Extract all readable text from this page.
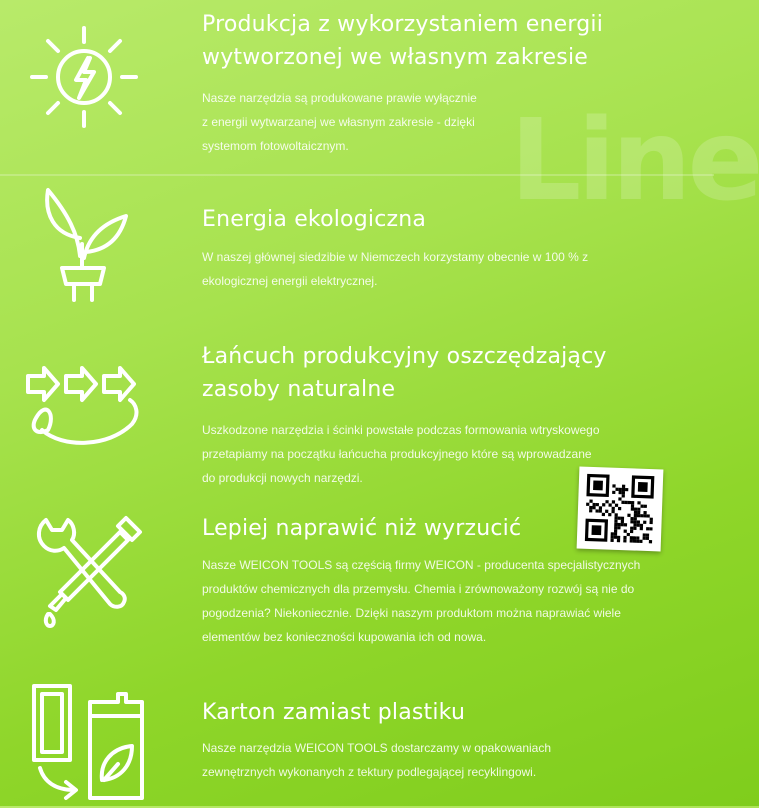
Line
Produkcja z wykorzystaniem energii
wytworzonej we własnym zakresie

Nasze narzędzia są produkowane prawie wyłącznie
z energii wytwarzanej we własnym zakresie - dzięki
systemom fotowoltaicznym.

Energia ekologiczna

W naszej głównej siedzibie w Niemczech korzystamy obecnie w 100 % z
ekologicznej energii elektrycznej.

Łańcuch produkcyjny oszczędzający
zasoby naturalne

Uszkodzone narzędzia i ścinki powstałe podczas formowania wtryskowego
przetapiamy na początku łańcucha produkcyjnego które są wprowadzane
do produkcji nowych narzędzi.

Lepiej naprawić niż wyrzucić

Nasze WEICON TOOLS są częścią firmy WEICON - producenta specjalistycznych
produktów chemicznych dla przemysłu. Chemia i zrównoważony rozwój są nie do
pogodzenia? Niekoniecznie. Dzięki naszym produktom można naprawiać wiele
elementów bez konieczności kupowania ich od nowa.

Karton zamiast plastiku

Nasze narzędzia WEICON TOOLS dostarczamy w opakowaniach
zewnętrznych wykonanych z tektury podlegającej recyklingowi.
